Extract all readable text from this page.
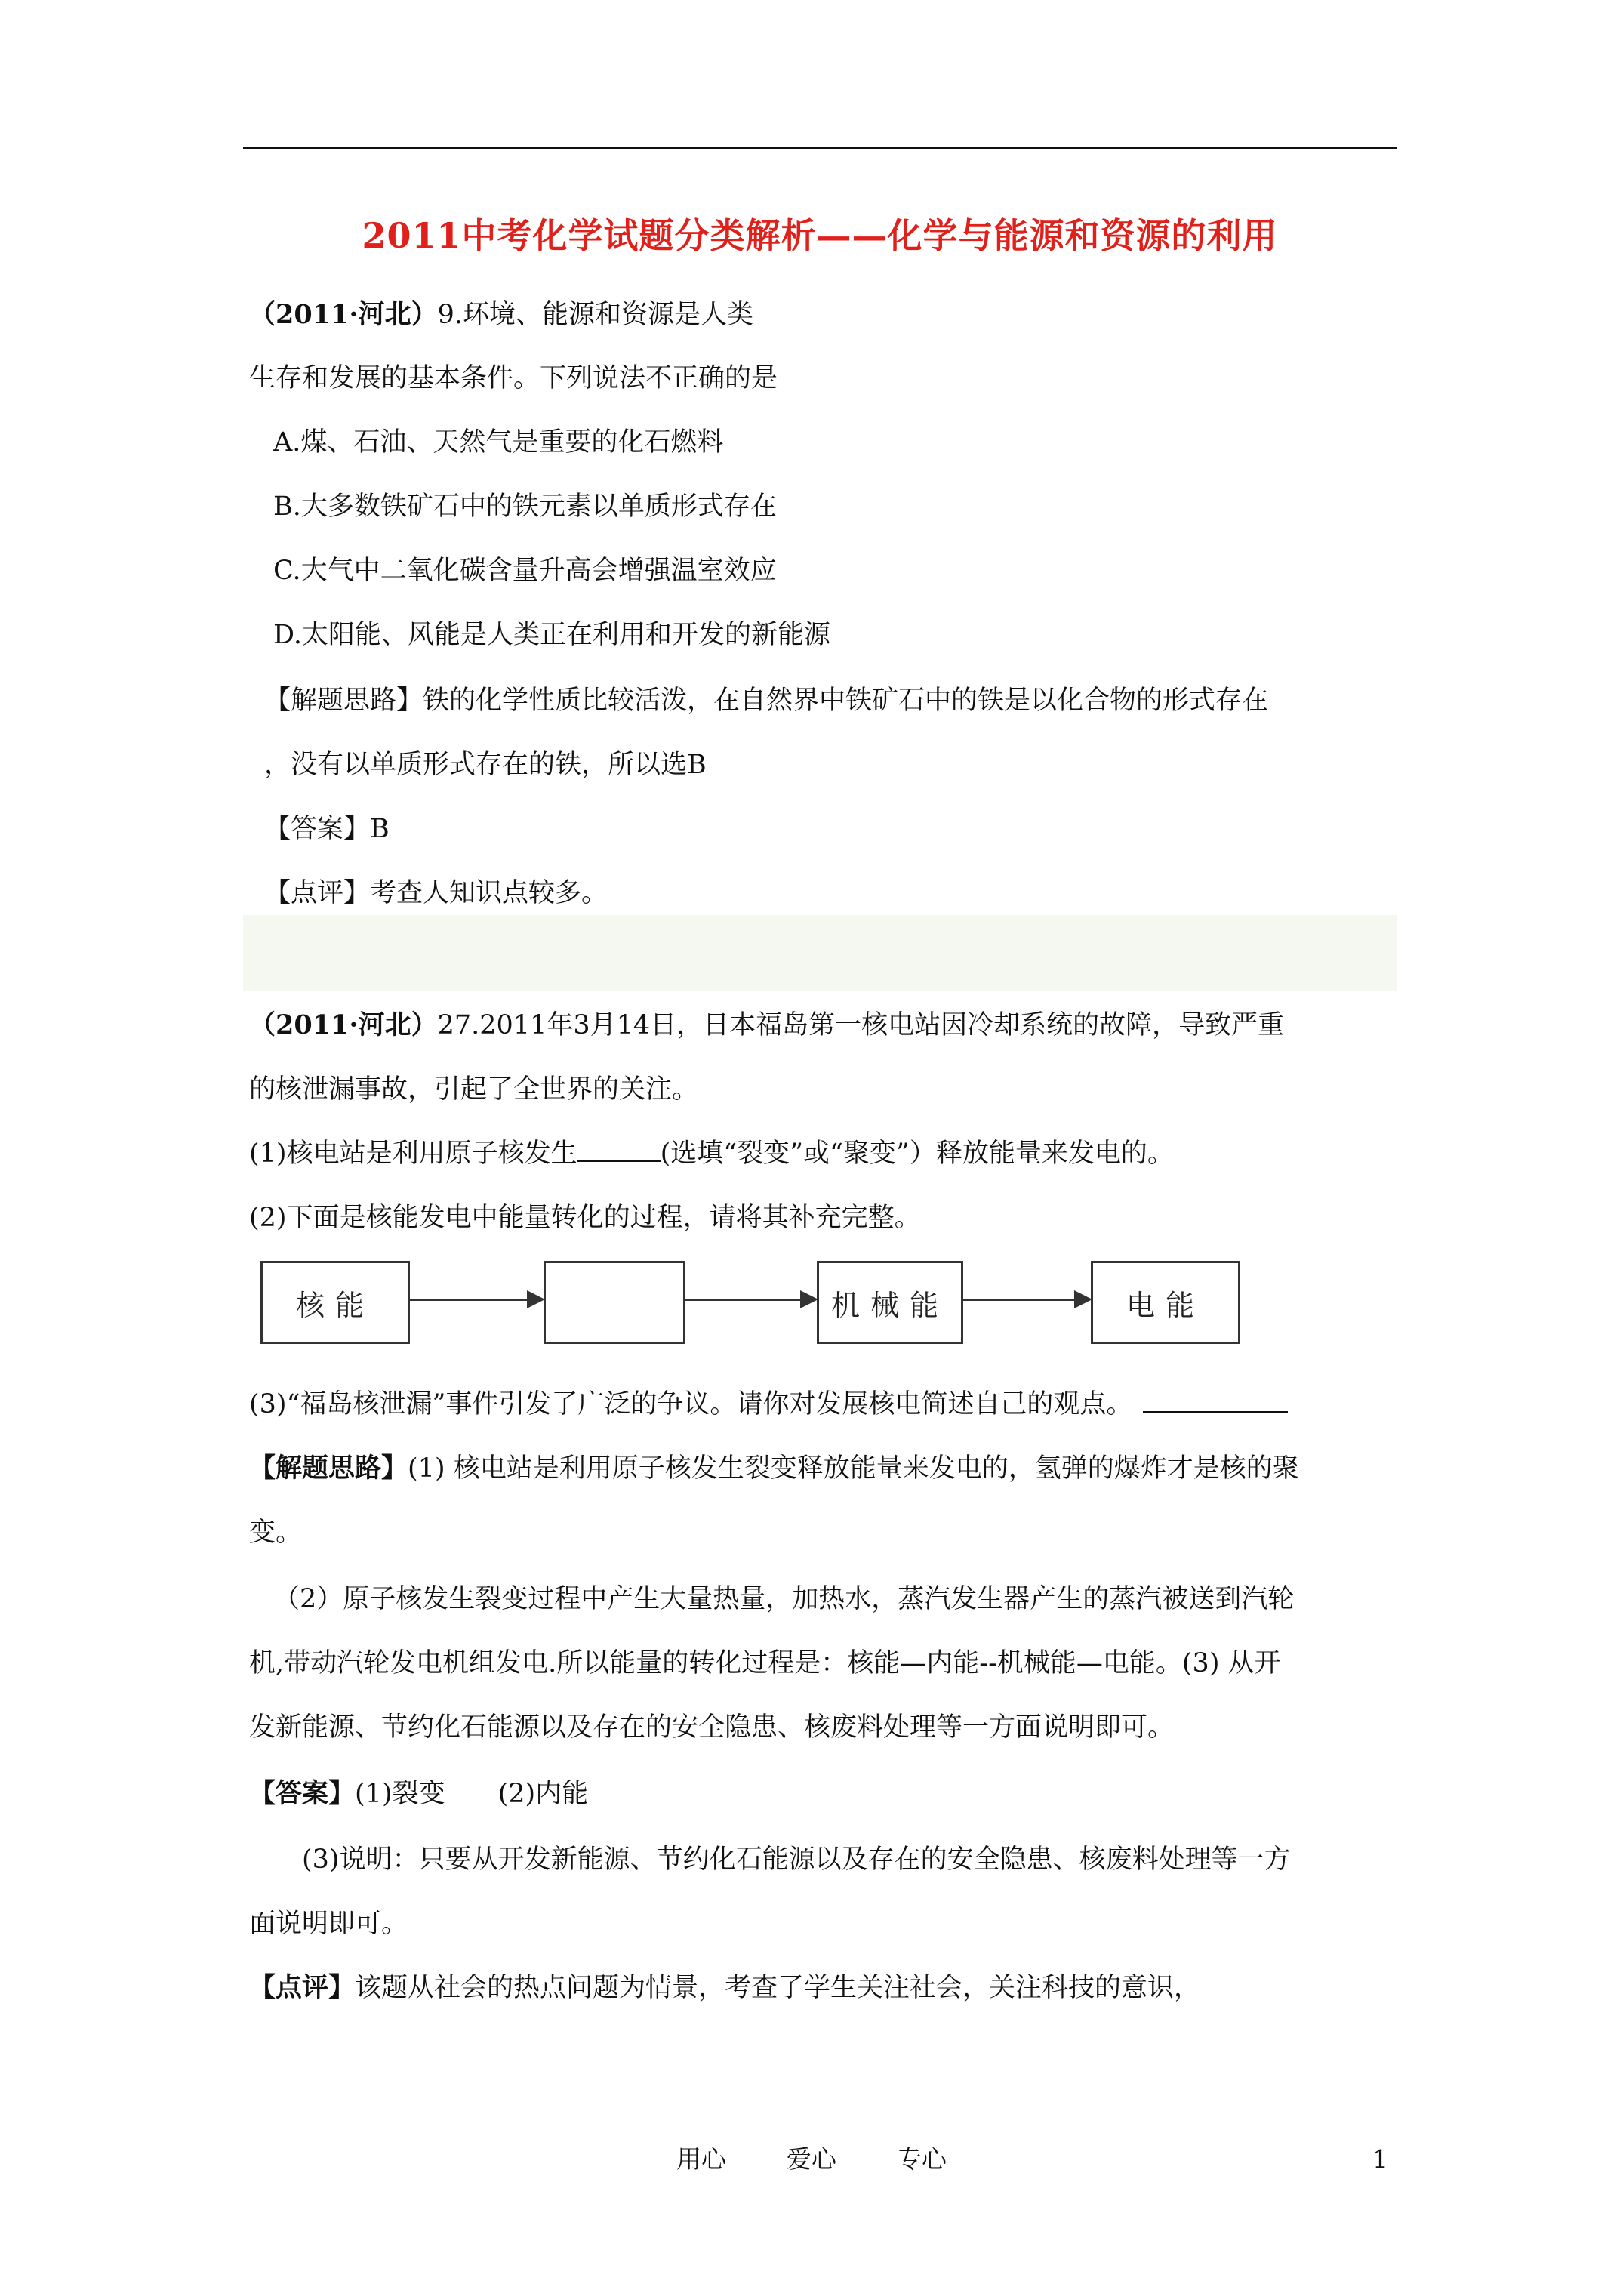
2011中考化学试题分类解析——化学与能源和资源的利用
（2011·河北）9.环境、能源和资源是人类
生存和发展的基本条件。下列说法不正确的是
A.煤、石油、天然气是重要的化石燃料
B.大多数铁矿石中的铁元素以单质形式存在
C.大气中二氧化碳含量升高会增强温室效应
D.太阳能、风能是人类正在利用和开发的新能源
【解题思路】铁的化学性质比较活泼，在自然界中铁矿石中的铁是以化合物的形式存在
，没有以单质形式存在的铁，所以选B
【答案】B
【点评】考查人知识点较多。
（2011·河北）27.2011年3月14日，日本福岛第一核电站因冷却系统的故障，导致严重
的核泄漏事故，引起了全世界的关注。
(1)核电站是利用原子核发生	(选填“裂变”或“聚变”）释放能量来发电的。
(2)下面是核能发电中能量转化的过程，请将其补充完整。
核能	机械能	电能
(3)“福岛核泄漏”事件引发了广泛的争议。请你对发展核电简述自己的观点。
【解题思路】(1) 核电站是利用原子核发生裂变释放能量来发电的，氢弹的爆炸才是核的聚
变。
（2）原子核发生裂变过程中产生大量热量，加热水，蒸汽发生器产生的蒸汽被送到汽轮
机,带动汽轮发电机组发电.所以能量的转化过程是：核能—内能--机械能—电能。(3) 从开
发新能源、节约化石能源以及存在的安全隐患、核废料处理等一方面说明即可。
【答案】(1)裂变　　(2)内能
(3)说明：只要从开发新能源、节约化石能源以及存在的安全隐患、核废料处理等一方
面说明即可。
【点评】该题从社会的热点问题为情景，考查了学生关注社会，关注科技的意识，
用心 爱心 专心	1
